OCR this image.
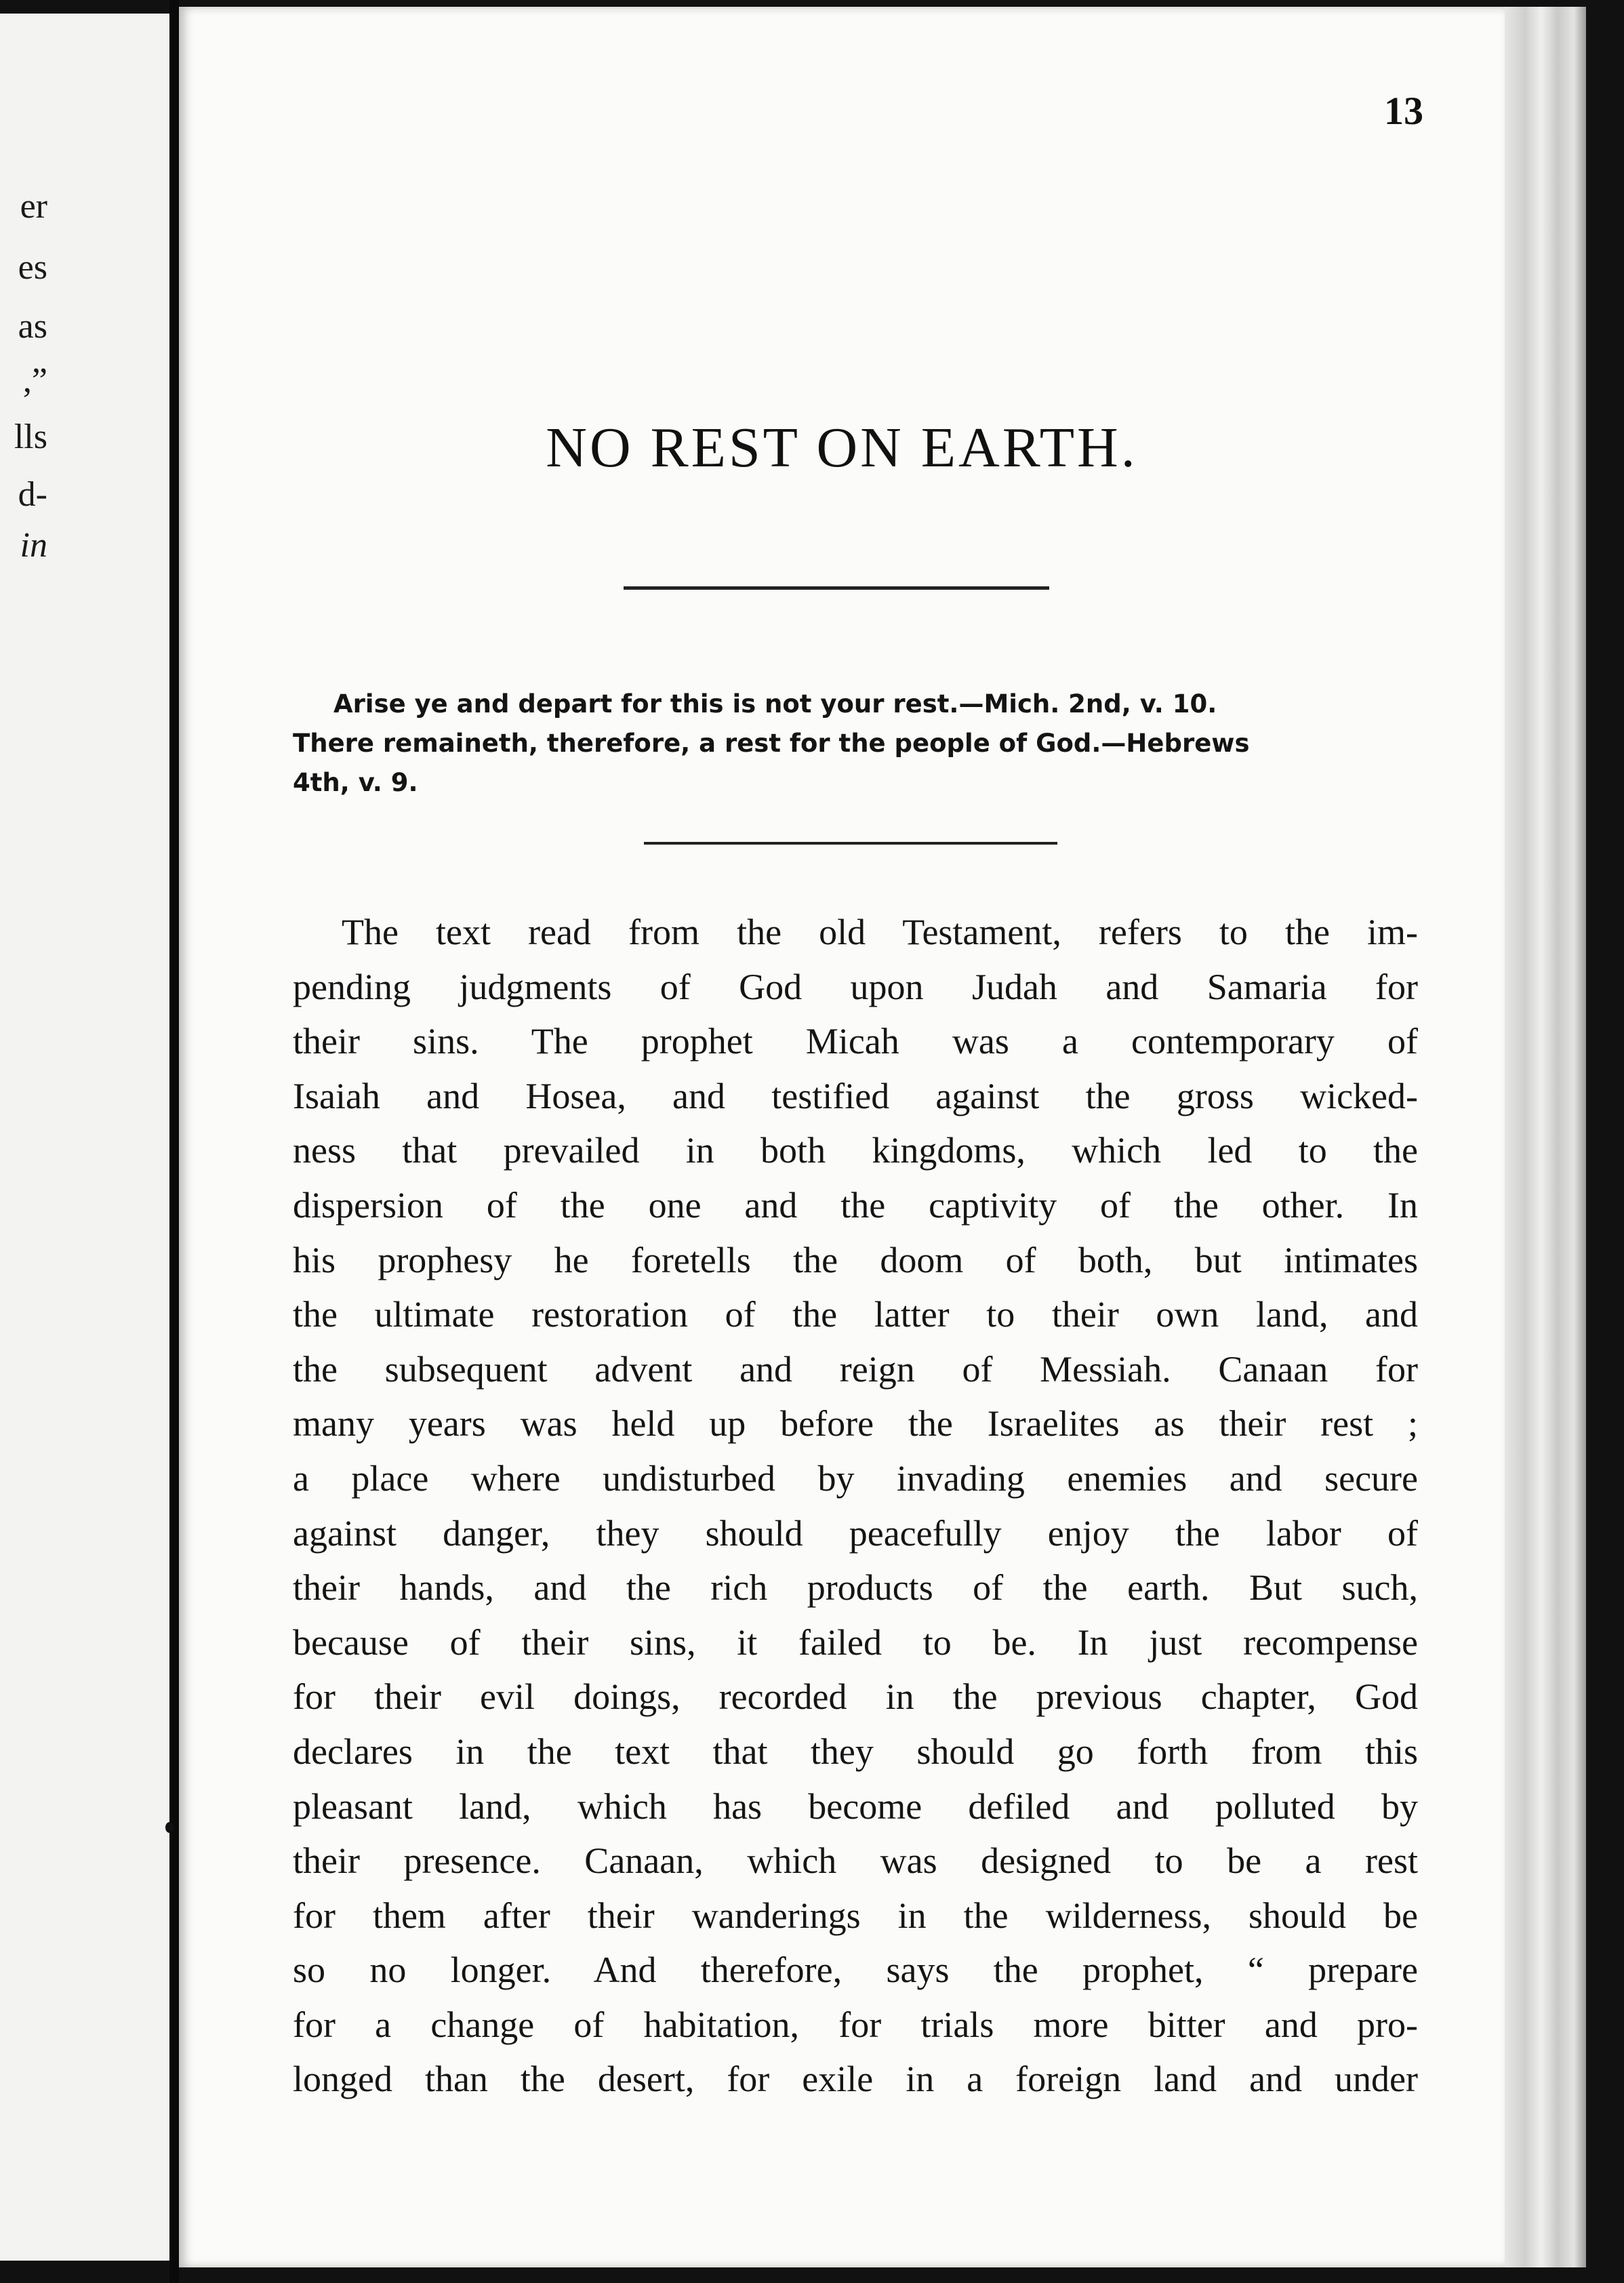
er
es
as
,”
lls
d-
in
13
NO REST ON EARTH.

Arise ye and depart for this is not your rest.—Mich. 2nd, v. 10.

There remaineth, therefore, a rest for the people of God.—Hebrews

4th, v. 9.

The text read from the old Testament, refers to the im-
pending judgments of God upon Judah and Samaria for
their sins. The prophet Micah was a contemporary of
Isaiah and Hosea, and testified against the gross wicked-
ness that prevailed in both kingdoms, which led to the
dispersion of the one and the captivity of the other. In
his prophesy he foretells the doom of both, but intimates
the ultimate restoration of the latter to their own land, and
the subsequent advent and reign of Messiah. Canaan for
many years was held up before the Israelites as their rest ;
a place where undisturbed by invading enemies and secure
against danger, they should peacefully enjoy the labor of
their hands, and the rich products of the earth. But such,
because of their sins, it failed to be. In just recompense
for their evil doings, recorded in the previous chapter, God
declares in the text that they should go forth from this
pleasant land, which has become defiled and polluted by
their presence. Canaan, which was designed to be a rest
for them after their wanderings in the wilderness, should be
so no longer. And therefore, says the prophet, “ prepare
for a change of habitation, for trials more bitter and pro-
longed than the desert, for exile in a foreign land and under
